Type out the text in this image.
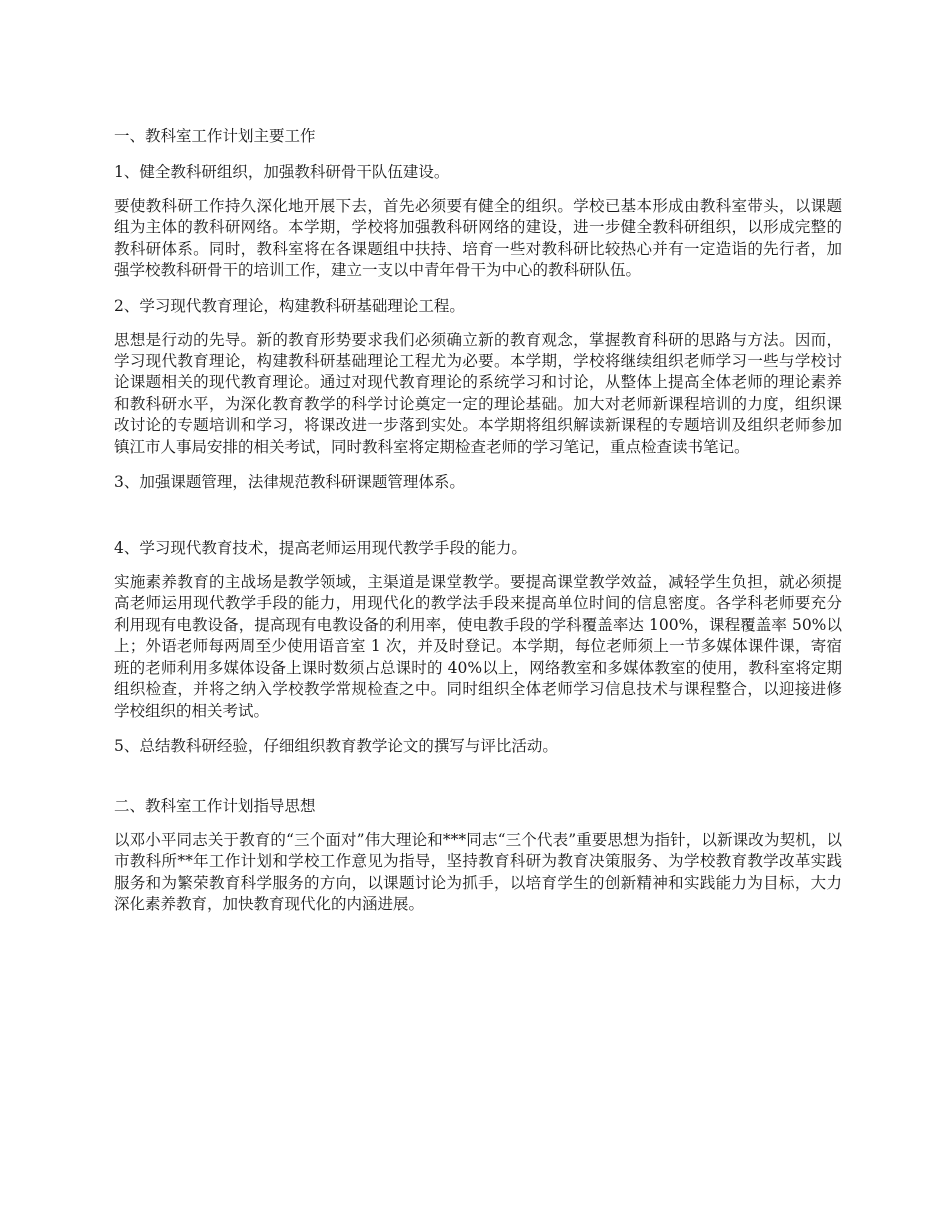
一、教科室工作计划主要工作
1、健全教科研组织，加强教科研骨干队伍建设。
要使教科研工作持久深化地开展下去，首先必须要有健全的组织。学校已基本形成由教科室带头，以课题组为主体的教科研网络。本学期，学校将加强教科研网络的建设，进一步健全教科研组织，以形成完整的教科研体系。同时，教科室将在各课题组中扶持、培育一些对教科研比较热心并有一定造诣的先行者，加强学校教科研骨干的培训工作，建立一支以中青年骨干为中心的教科研队伍。
2、学习现代教育理论，构建教科研基础理论工程。
思想是行动的先导。新的教育形势要求我们必须确立新的教育观念，掌握教育科研的思路与方法。因而，学习现代教育理论，构建教科研基础理论工程尤为必要。本学期，学校将继续组织老师学习一些与学校讨论课题相关的现代教育理论。通过对现代教育理论的系统学习和讨论，从整体上提高全体老师的理论素养和教科研水平，为深化教育教学的科学讨论奠定一定的理论基础。加大对老师新课程培训的力度，组织课改讨论的专题培训和学习，将课改进一步落到实处。本学期将组织解读新课程的专题培训及组织老师参加镇江市人事局安排的相关考试，同时教科室将定期检查老师的学习笔记，重点检查读书笔记。
3、加强课题管理，法律规范教科研课题管理体系。
4、学习现代教育技术，提高老师运用现代教学手段的能力。
实施素养教育的主战场是教学领域，主渠道是课堂教学。要提高课堂教学效益，减轻学生负担，就必须提高老师运用现代教学手段的能力，用现代化的教学法手段来提高单位时间的信息密度。各学科老师要充分利用现有电教设备，提高现有电教设备的利用率，使电教手段的学科覆盖率达 100%，课程覆盖率 50%以上；外语老师每两周至少使用语音室 1 次，并及时登记。本学期，每位老师须上一节多媒体课件课，寄宿班的老师利用多媒体设备上课时数须占总课时的 40%以上，网络教室和多媒体教室的使用，教科室将定期组织检查，并将之纳入学校教学常规检查之中。同时组织全体老师学习信息技术与课程整合，以迎接进修学校组织的相关考试。
5、总结教科研经验，仔细组织教育教学论文的撰写与评比活动。
二、教科室工作计划指导思想
以邓小平同志关于教育的“三个面对”伟大理论和***同志“三个代表”重要思想为指针，以新课改为契机，以市教科所**年工作计划和学校工作意见为指导，坚持教育科研为教育决策服务、为学校教育教学改革实践服务和为繁荣教育科学服务的方向，以课题讨论为抓手，以培育学生的创新精神和实践能力为目标，大力深化素养教育，加快教育现代化的内涵进展。
